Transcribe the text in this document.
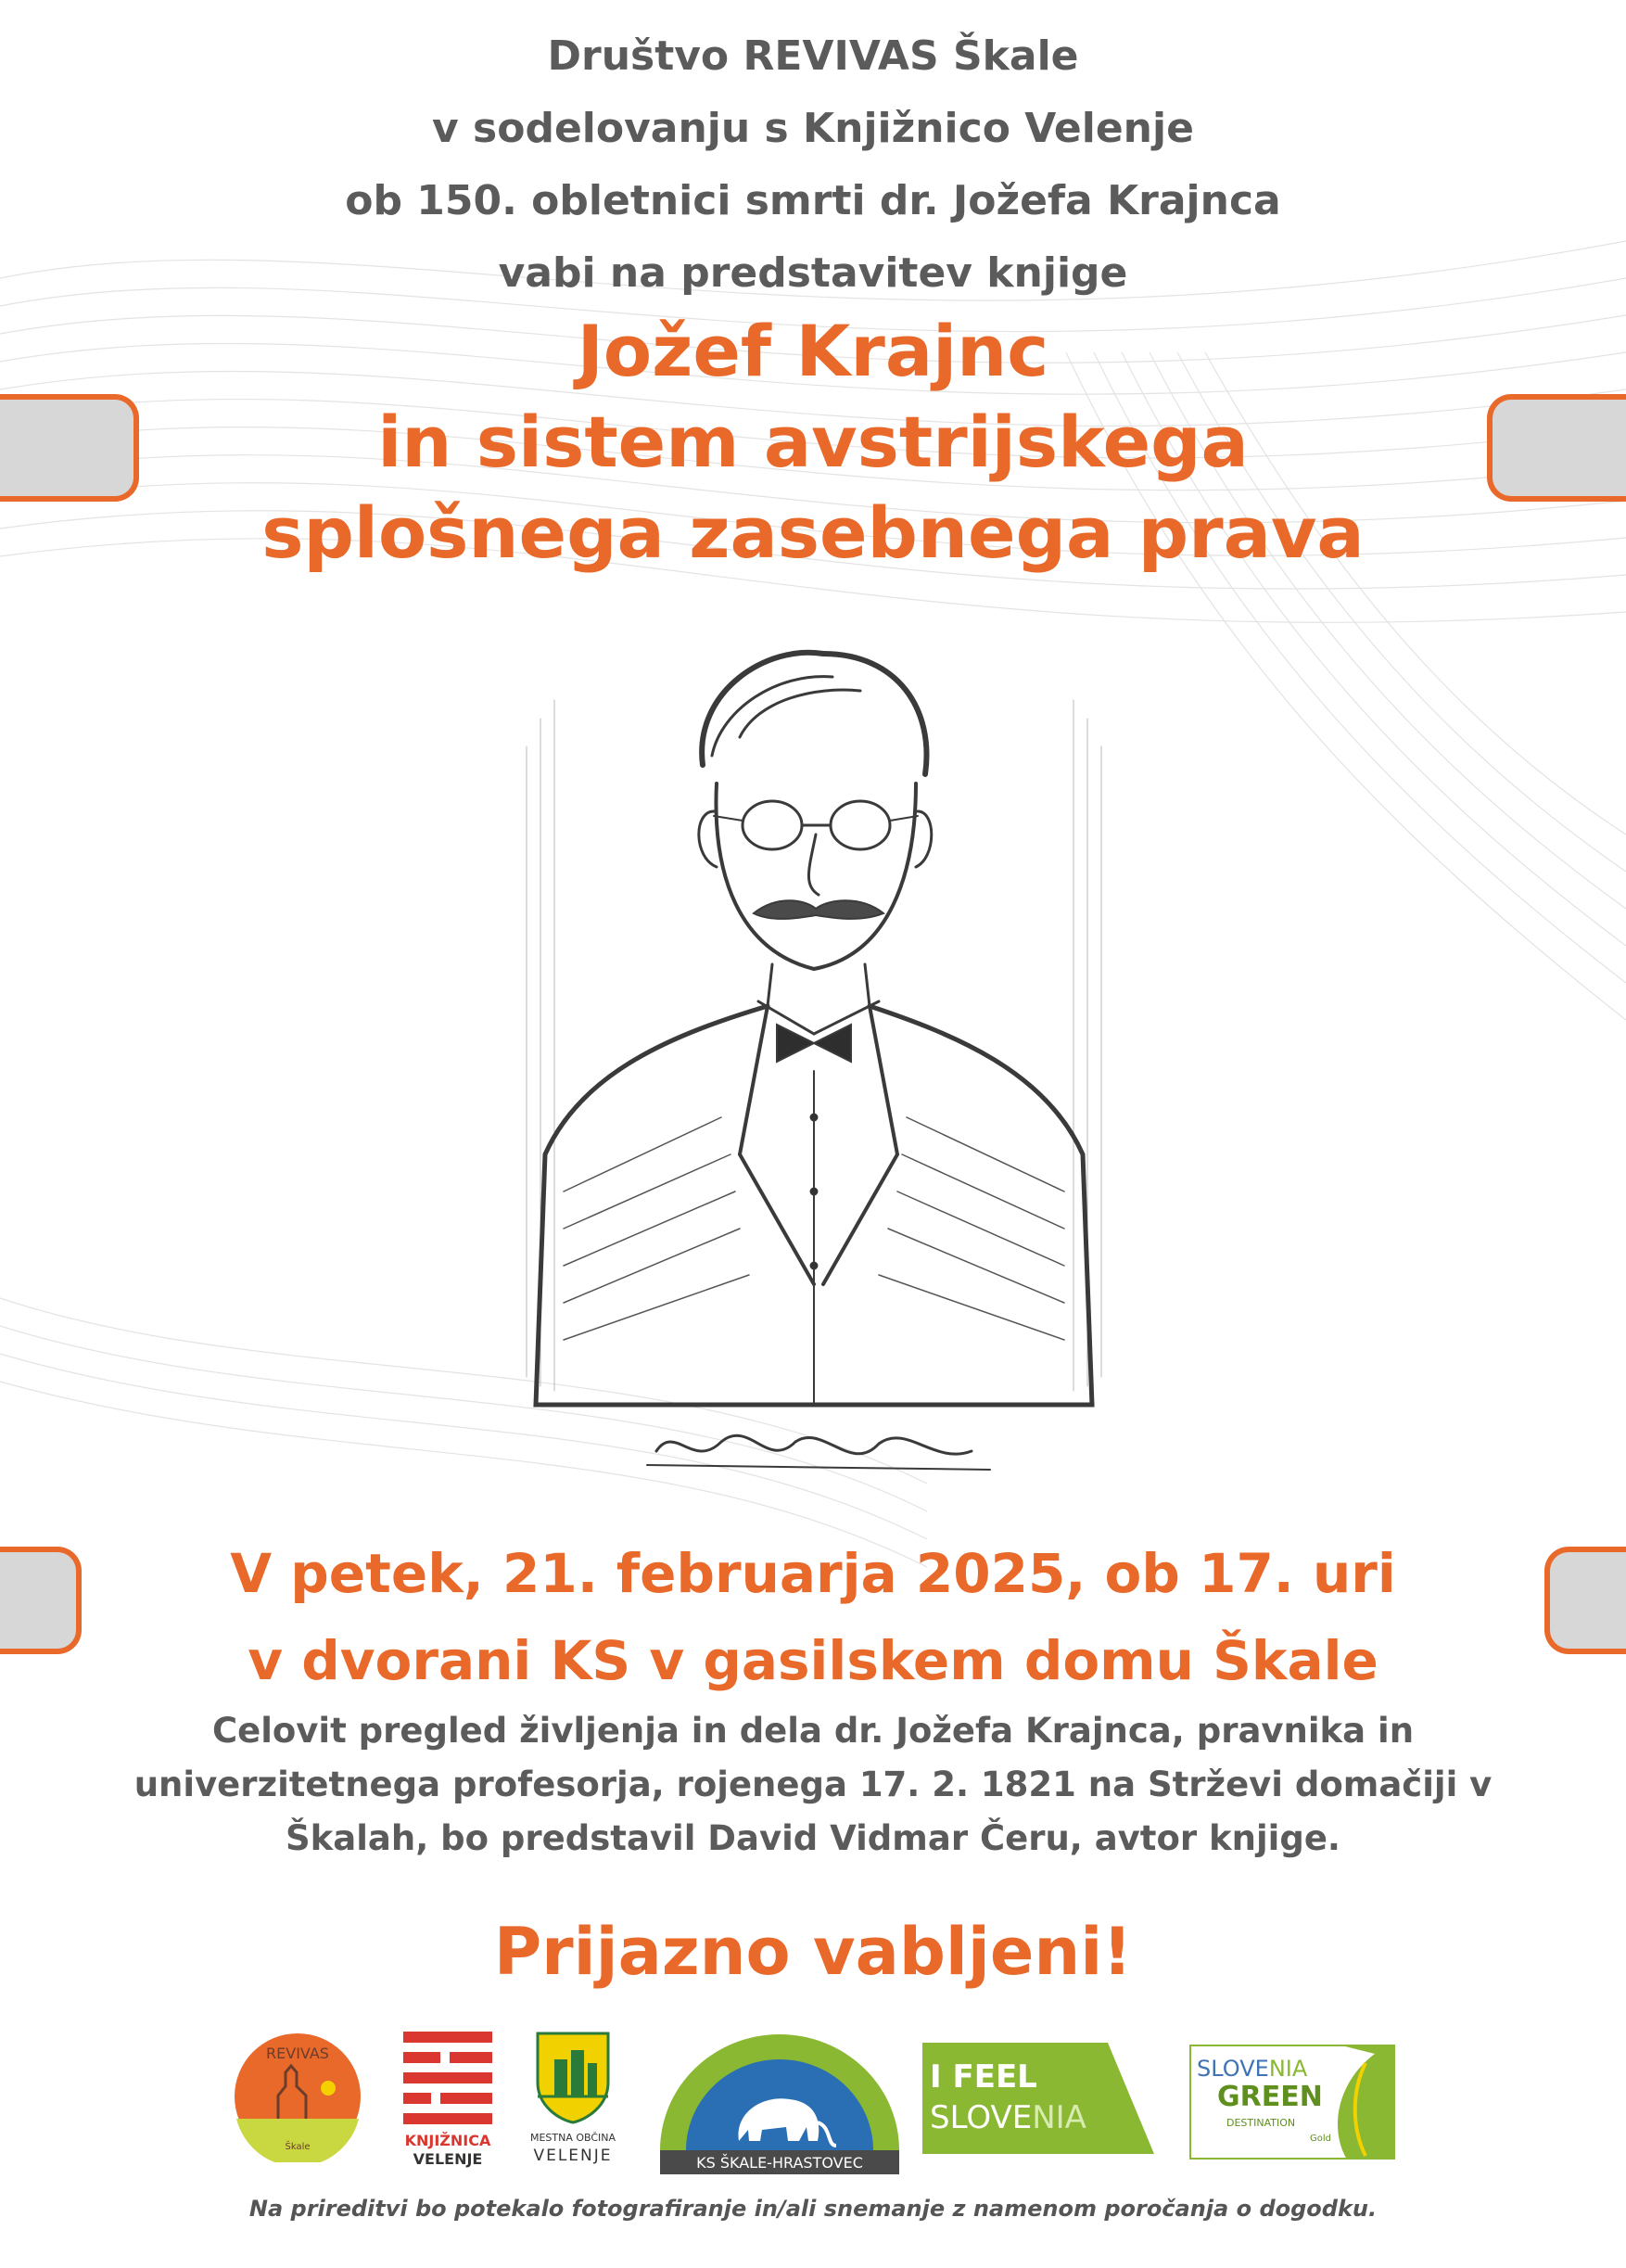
Društvo REVIVAS Škale
v sodelovanju s Knjižnico Velenje
ob 150. obletnici smrti dr. Jožefa Krajnca
vabi na predstavitev knjige
Jožef Krajnc
in sistem avstrijskega
splošnega zasebnega prava
V petek, 21. februarja 2025, ob 17. uri
v dvorani KS v gasilskem domu Škale
Celovit pregled življenja in dela dr. Jožefa Krajnca, pravnika in
univerzitetnega profesorja, rojenega 17. 2. 1821 na Strževi domačiji v
Škalah, bo predstavil David Vidmar Čeru, avtor knjige.
Prijazno vabljeni!
REVIVAS
Škale	KNJIŽNICA
VELENJE
MESTNA OBČINA
VELENJE	KS ŠKALE-HRASTOVEC
I FEEL
SLOVENIA
SLOVENIA
GREEN
DESTINATION
Gold
Na prireditvi bo potekalo fotografiranje in/ali snemanje z namenom poročanja o dogodku.
